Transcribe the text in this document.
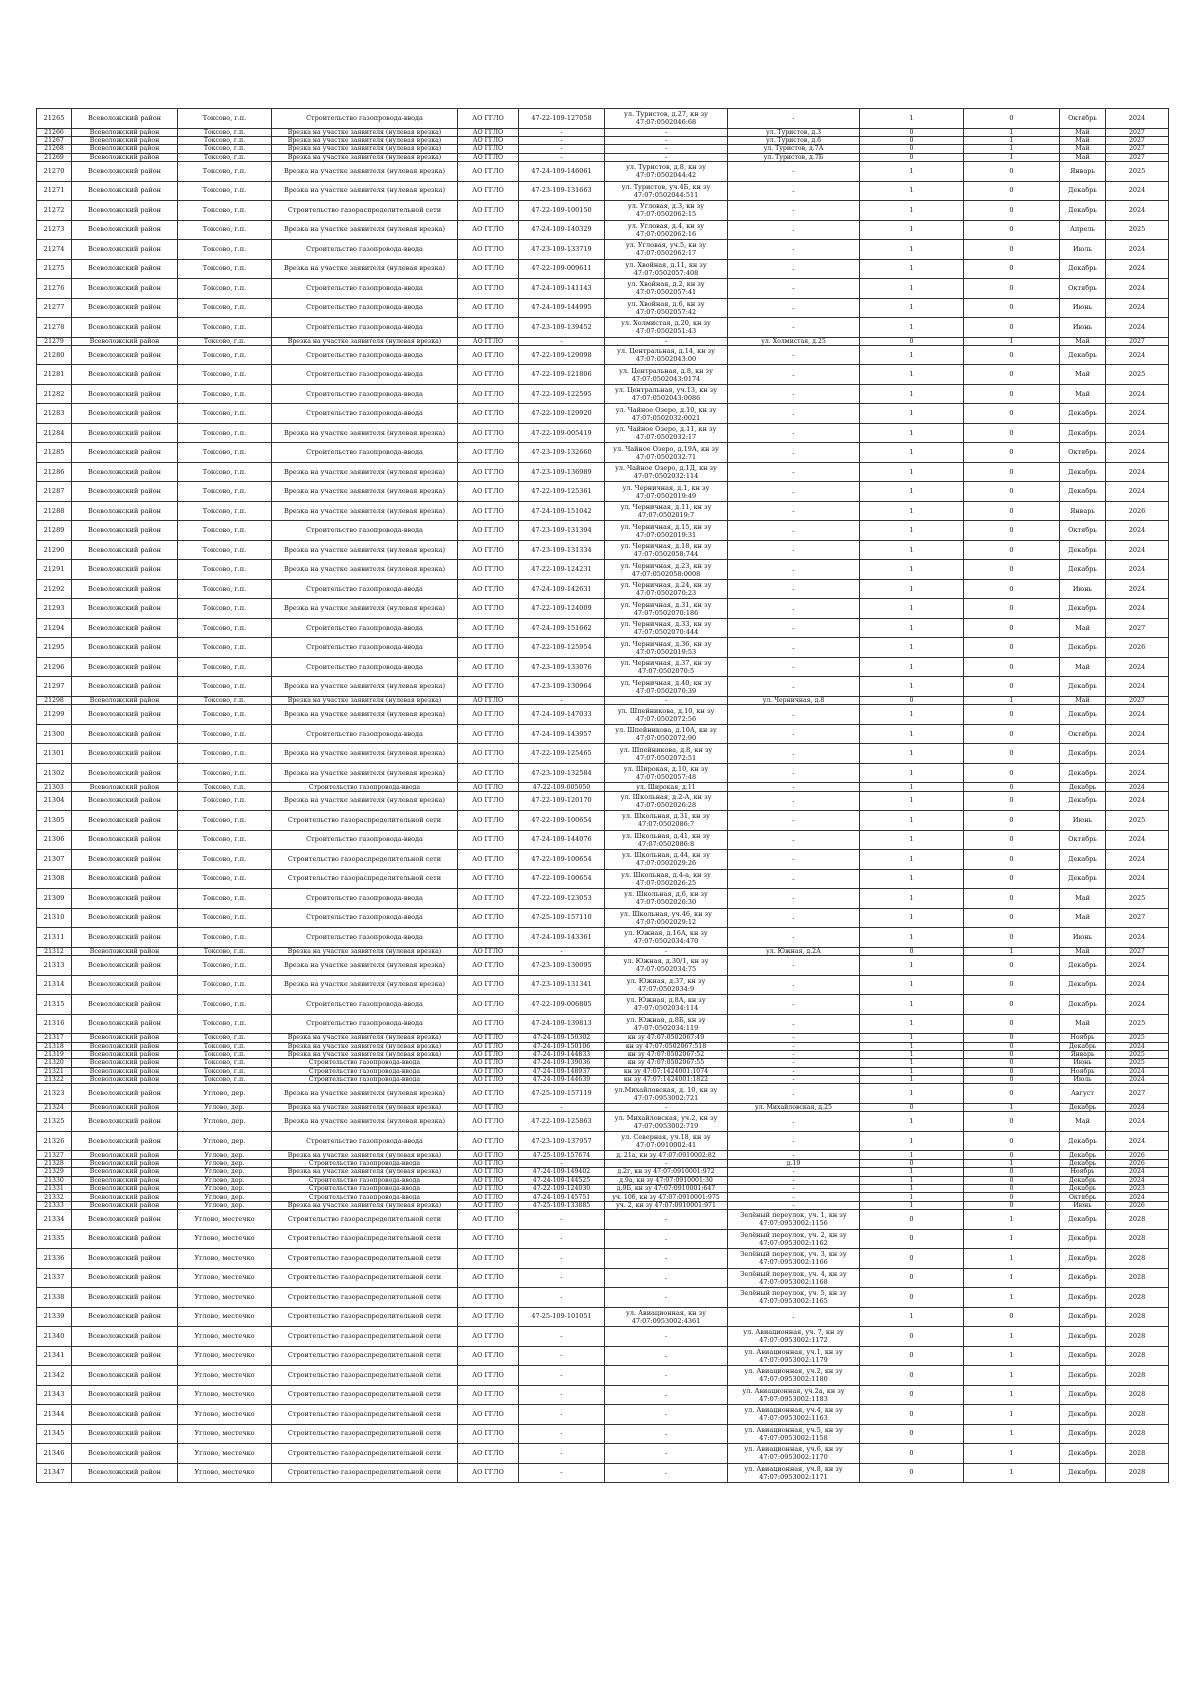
21265	Всеволожский район	Токсово, г.п.	Строительство газопровода-ввода	АО ГГЛО	47-22-109-127058	ул. Туристов, д.27, кн зу 47:07:0502046:68	-	1	0	Октябрь	2024
21266	Всеволожский район	Токсово, г.п.	Врезка на участке заявителя (нулевая врезка)	АО ГГЛО	-	-	ул. Туристов, д.3	0	1	Май	2027
21267	Всеволожский район	Токсово, г.п.	Врезка на участке заявителя (нулевая врезка)	АО ГГЛО	-	-	ул. Туристов, д.6	0	1	Май	2027
21268	Всеволожский район	Токсово, г.п.	Врезка на участке заявителя (нулевая врезка)	АО ГГЛО	-	-	ул. Туристов, д.7А	0	1	Май	2027
21269	Всеволожский район	Токсово, г.п.	Врезка на участке заявителя (нулевая врезка)	АО ГГЛО	-	-	ул. Туристов, д.7Б	0	1	Май	2027
21270	Всеволожский район	Токсово, г.п.	Врезка на участке заявителя (нулевая врезка)	АО ГГЛО	47-24-109-146061	ул. Туристов, д.8, кн зу 47:07:0502044:42	-	1	0	Январь	2025
21271	Всеволожский район	Токсово, г.п.	Врезка на участке заявителя (нулевая врезка)	АО ГГЛО	47-23-109-131663	ул. Туристов, уч.4Б, кн зу 47:07:0502044:511	-	1	0	Декабрь	2024
21272	Всеволожский район	Токсово, г.п.	Строительство газораспределительной сети	АО ГГЛО	47-22-109-100150	ул. Угловая, д.3, кн зу 47:07:0502062:15	-	1	0	Декабрь	2024
21273	Всеволожский район	Токсово, г.п.	Врезка на участке заявителя (нулевая врезка)	АО ГГЛО	47-24-109-140329	ул. Угловая, д.4, кн зу 47:07:0502062:16	-	1	0	Апрель	2025
21274	Всеволожский район	Токсово, г.п.	Строительство газопровода-ввода	АО ГГЛО	47-23-109-133719	ул. Угловая, уч.5, кн зу 47:07:0502062:17	-	1	0	Июль	2024
21275	Всеволожский район	Токсово, г.п.	Врезка на участке заявителя (нулевая врезка)	АО ГГЛО	47-22-109-009611	ул. Хвойная, д.11, кн зу 47:07:0502057:408	-	1	0	Декабрь	2024
21276	Всеволожский район	Токсово, г.п.	Строительство газопровода-ввода	АО ГГЛО	47-24-109-141143	ул. Хвойная, д.2, кн зу 47:07:0502057:41	-	1	0	Октябрь	2024
21277	Всеволожский район	Токсово, г.п.	Строительство газопровода-ввода	АО ГГЛО	47-24-109-144995	ул. Хвойная, д.6, кн зу 47:07:0502057:42	-	1	0	Июнь	2024
21278	Всеволожский район	Токсово, г.п.	Строительство газопровода-ввода	АО ГГЛО	47-23-109-139452	ул. Холмистая, д.20, кн зу 47:07:0502051:43	-	1	0	Июнь	2024
21279	Всеволожский район	Токсово, г.п.	Врезка на участке заявителя (нулевая врезка)	АО ГГЛО	-	-	ул. Холмистая, д.25	0	1	Май	2027
21280	Всеволожский район	Токсово, г.п.	Строительство газопровода-ввода	АО ГГЛО	47-22-109-129098	ул. Центральная, д.14, кн зу 47:07:0502043:00	-	1	0	Декабрь	2024
21281	Всеволожский район	Токсово, г.п.	Строительство газопровода-ввода	АО ГГЛО	47-22-109-121806	ул. Центральная, д.8, кн зу 47:07:0502043:0174	-	1	0	Май	2025
21282	Всеволожский район	Токсово, г.п.	Строительство газопровода-ввода	АО ГГЛО	47-22-109-122595	ул. Центральная, уч.13, кн зу 47:07:0502043:0086	-	1	0	Май	2024
21283	Всеволожский район	Токсово, г.п.	Строительство газопровода-ввода	АО ГГЛО	47-22-109-129920	ул. Чайное Озеро, д.10, кн зу 47:07:0502032:0021	-	1	0	Декабрь	2024
21284	Всеволожский район	Токсово, г.п.	Врезка на участке заявителя (нулевая врезка)	АО ГГЛО	47-22-109-005419	ул. Чайное Озеро, д.11, кн зу 47:07:0502032:17	-	1	0	Декабрь	2024
21285	Всеволожский район	Токсово, г.п.	Строительство газопровода-ввода	АО ГГЛО	47-23-109-132660	ул. Чайное Озеро, д.19А, кн зу 47:07:0502032:71	-	1	0	Октябрь	2024
21286	Всеволожский район	Токсово, г.п.	Врезка на участке заявителя (нулевая врезка)	АО ГГЛО	47-23-109-136989	ул. Чайное Озеро, д.1Д, кн зу 47:07:0502032:114	-	1	0	Декабрь	2024
21287	Всеволожский район	Токсово, г.п.	Врезка на участке заявителя (нулевая врезка)	АО ГГЛО	47-22-109-125361	ул. Черничная, д.1, кн зу 47:07:0502019:49	-	1	0	Декабрь	2024
21288	Всеволожский район	Токсово, г.п.	Врезка на участке заявителя (нулевая врезка)	АО ГГЛО	47-24-109-151042	ул. Черничная, д.11, кн зу 47:07:0502019:7	-	1	0	Январь	2026
21289	Всеволожский район	Токсово, г.п.	Строительство газопровода-ввода	АО ГГЛО	47-23-109-131394	ул. Черничная, д.15, кн зу 47:07:0502019:31	-	1	0	Октябрь	2024
21290	Всеволожский район	Токсово, г.п.	Врезка на участке заявителя (нулевая врезка)	АО ГГЛО	47-23-109-131334	ул. Черничная, д.18, кн зу 47:07:0502058:744	-	1	0	Декабрь	2024
21291	Всеволожский район	Токсово, г.п.	Врезка на участке заявителя (нулевая врезка)	АО ГГЛО	47-22-109-124231	ул. Черничная, д.23, кн зу 47:07:0502058:0008	-	1	0	Декабрь	2024
21292	Всеволожский район	Токсово, г.п.	Строительство газопровода-ввода	АО ГГЛО	47-24-109-142631	ул. Черничная, д.24, кн зу 47:07:0502070:23	-	1	0	Июнь	2024
21293	Всеволожский район	Токсово, г.п.	Врезка на участке заявителя (нулевая врезка)	АО ГГЛО	47-22-109-124009	ул. Черничная, д.31, кн зу 47:07:0502070:186	-	1	0	Декабрь	2024
21294	Всеволожский район	Токсово, г.п.	Строительство газопровода-ввода	АО ГГЛО	47-24-109-151662	ул. Черничная, д.33, кн зу 47:07:0502070:444	-	1	0	Май	2027
21295	Всеволожский район	Токсово, г.п.	Строительство газопровода-ввода	АО ГГЛО	47-22-109-125954	ул. Черничная, д.36, кн зу 47:07:0502019:53	-	1	0	Декабрь	2026
21296	Всеволожский район	Токсово, г.п.	Строительство газопровода-ввода	АО ГГЛО	47-23-109-133076	ул. Черничная, д.37, кн зу 47:07:0502070:5	-	1	0	Май	2024
21297	Всеволожский район	Токсово, г.п.	Врезка на участке заявителя (нулевая врезка)	АО ГГЛО	47-23-109-130964	ул. Черничная, д.40, кн зу 47:07:0502070:39	-	1	0	Декабрь	2024
21298	Всеволожский район	Токсово, г.п.	Врезка на участке заявителя (нулевая врезка)	АО ГГЛО	-	-	ул. Черничная, д.8	0	1	Май	2027
21299	Всеволожский район	Токсово, г.п.	Врезка на участке заявителя (нулевая врезка)	АО ГГЛО	47-24-109-147033	ул. Шпейникова, д.10, кн зу 47:07:0502072:56	-	1	0	Декабрь	2024
21300	Всеволожский район	Токсово, г.п.	Строительство газопровода-ввода	АО ГГЛО	47-24-109-143957	ул. Шпейникова, д.10А, кн зу 47:07:0502072:90	-	1	0	Октябрь	2024
21301	Всеволожский район	Токсово, г.п.	Врезка на участке заявителя (нулевая врезка)	АО ГГЛО	47-22-109-125465	ул. Шпейникова, д.8, кн зу 47:07:0502072:51	-	1	0	Декабрь	2024
21302	Всеволожский район	Токсово, г.п.	Врезка на участке заявителя (нулевая врезка)	АО ГГЛО	47-23-109-132584	ул. Широкая, д.10, кн зу 47:07:0502057:48	-	1	0	Декабрь	2024
21303	Всеволожский район	Токсово, г.п.	Строительство газопровода-ввода	АО ГГЛО	47-22-109-005050	ул. Широкая, д.11	-	1	0	Декабрь	2024
21304	Всеволожский район	Токсово, г.п.	Врезка на участке заявителя (нулевая врезка)	АО ГГЛО	47-22-109-120170	ул. Школьная, д.2-А, кн зу 47:07:0502026:28	-	1	0	Декабрь	2024
21305	Всеволожский район	Токсово, г.п.	Строительство газораспределительной сети	АО ГГЛО	47-22-109-100654	ул. Школьная, д.31, кн зу 47:07:0502086:7	-	1	0	Июнь	2025
21306	Всеволожский район	Токсово, г.п.	Строительство газопровода-ввода	АО ГГЛО	47-24-109-144076	ул. Школьная, д.41, кн зу 47:07:0502086:8	-	1	0	Октябрь	2024
21307	Всеволожский район	Токсово, г.п.	Строительство газораспределительной сети	АО ГГЛО	47-22-109-100654	ул. Школьная, д.44, кн зу 47:07:0502029:26	-	1	0	Декабрь	2024
21308	Всеволожский район	Токсово, г.п.	Строительство газораспределительной сети	АО ГГЛО	47-22-109-100654	ул. Школьная, д.4-а, кн зу 47:07:0502026:25	-	1	0	Декабрь	2024
21309	Всеволожский район	Токсово, г.п.	Строительство газопровода-ввода	АО ГГЛО	47-22-109-123053	ул. Школьная, д.6, кн зу 47:07:0502026:30	-	1	0	Май	2025
21310	Всеволожский район	Токсово, г.п.	Строительство газопровода-ввода	АО ГГЛО	47-25-109-157110	ул. Школьная, уч.46, кн зу 47:07:0502029:12	-	1	0	Май	2027
21311	Всеволожский район	Токсово, г.п.	Строительство газопровода-ввода	АО ГГЛО	47-24-109-143361	ул. Южная, д.16А, кн зу 47:07:0502034:470	-	1	0	Июнь	2024
21312	Всеволожский район	Токсово, г.п.	Врезка на участке заявителя (нулевая врезка)	АО ГГЛО	-	-	ул. Южная, д.2А	0	1	Май	2027
21313	Всеволожский район	Токсово, г.п.	Врезка на участке заявителя (нулевая врезка)	АО ГГЛО	47-23-109-130095	ул. Южная, д.30/1, кн зу 47:07:0502034:75	-	1	0	Декабрь	2024
21314	Всеволожский район	Токсово, г.п.	Врезка на участке заявителя (нулевая врезка)	АО ГГЛО	47-23-109-131341	ул. Южная, д.37, кн зу 47:07:0502034:9	-	1	0	Декабрь	2024
21315	Всеволожский район	Токсово, г.п.	Строительство газопровода-ввода	АО ГГЛО	47-22-109-006805	ул. Южная, д.8А, кн зу 47:07:0502034:114	-	1	0	Декабрь	2024
21316	Всеволожский район	Токсово, г.п.	Строительство газопровода-ввода	АО ГГЛО	47-24-109-139813	ул. Южная, д.8Б, кн зу 47:07:0502034:119	-	1	0	Май	2025
21317	Всеволожский район	Токсово, г.п.	Врезка на участке заявителя (нулевая врезка)	АО ГГЛО	47-24-109-150302	кн зу 47:07:0502067:49	-	1	0	Ноябрь	2025
21318	Всеволожский район	Токсово, г.п.	Врезка на участке заявителя (нулевая врезка)	АО ГГЛО	47-24-109-150106	кн зу 47:07:0502067:518	-	1	0	Декабрь	2024
21319	Всеволожский район	Токсово, г.п.	Врезка на участке заявителя (нулевая врезка)	АО ГГЛО	47-24-109-144833	кн зу 47:07:0502067:52	-	1	0	Январь	2025
21320	Всеволожский район	Токсово, г.п.	Строительство газопровода-ввода	АО ГГЛО	47-24-109-139036	кн зу 47:07:0502067:55	-	1	0	Июнь	2025
21321	Всеволожский район	Токсово, г.п.	Строительство газопровода-ввода	АО ГГЛО	47-24-109-148937	кн зу 47:07:1424001:1074	-	1	0	Ноябрь	2024
21322	Всеволожский район	Токсово, г.п.	Строительство газопровода-ввода	АО ГГЛО	47-24-109-144639	кн зу 47:07:1424001:1822	-	1	0	Июль	2024
21323	Всеволожский район	Углово, дер.	Врезка на участке заявителя (нулевая врезка)	АО ГГЛО	47-25-109-157119	ул.Михайловская, д. 10, кн зу 47:07:0953002:721	-	1	0	Август	2027
21324	Всеволожский район	Углово, дер.	Врезка на участке заявителя (нулевая врезка)	АО ГГЛО	-	-	ул. Михайловская, д.25	0	1	Декабрь	2024
21325	Всеволожский район	Углово, дер.	Врезка на участке заявителя (нулевая врезка)	АО ГГЛО	47-22-109-125863	ул. Михайловская, уч.2, кн зу 47:07:0953002:719	-	1	0	Май	2024
21326	Всеволожский район	Углово, дер.	Строительство газопровода-ввода	АО ГГЛО	47-23-109-137957	ул. Северная, уч.18, кн зу 47:07:0910002:41	-	1	0	Декабрь	2024
21327	Всеволожский район	Углово, дер.	Врезка на участке заявителя (нулевая врезка)	АО ГГЛО	47-25-109-157674	д. 21а, кн зу 47:07:0910002:82	-	1	0	Декабрь	2026
21328	Всеволожский район	Углово, дер.	Строительство газопровода-ввода	АО ГГЛО	-	-	д.19	0	1	Декабрь	2026
21329	Всеволожский район	Углово, дер.	Врезка на участке заявителя (нулевая врезка)	АО ГГЛО	47-24-109-149402	д.2г, кн зу 47:07:0910001:972	-	1	0	Ноябрь	2024
21330	Всеволожский район	Углово, дер.	Строительство газопровода-ввода	АО ГГЛО	47-24-109-144525	д.9а, кн зу 47:07:0910001:30	-	1	0	Декабрь	2024
21331	Всеволожский район	Углово, дер.	Строительство газопровода-ввода	АО ГГЛО	47-22-109-124030	д.9Б, кн зу 47:07:0910001:647	-	1	0	Декабрь	2023
21332	Всеволожский район	Углово, дер.	Строительство газопровода-ввода	АО ГГЛО	47-24-109-145751	уч. 10б, кн зу 47:07:0910001:975	-	1	0	Октябрь	2024
21333	Всеволожский район	Углово, дер.	Врезка на участке заявителя (нулевая врезка)	АО ГГЛО	47-25-109-133885	уч. 2, кн зу 47:07:0910001:971	-	1	0	Июнь	2026
21334	Всеволожский район	Углово, местечко	Строительство газораспределительной сети	АО ГГЛО	-	-	Зелёный переулок, уч. 1, кн зу 47:07:0953002:1156	0	1	Декабрь	2028
21335	Всеволожский район	Углово, местечко	Строительство газораспределительной сети	АО ГГЛО	-	-	Зелёный переулок, уч. 2, кн зу 47:07:0953002:1162	0	1	Декабрь	2028
21336	Всеволожский район	Углово, местечко	Строительство газораспределительной сети	АО ГГЛО	-	-	Зелёный переулок, уч. 3, кн зу 47:07:0953002:1166	0	1	Декабрь	2028
21337	Всеволожский район	Углово, местечко	Строительство газораспределительной сети	АО ГГЛО	-	-	Зелёный переулок, уч. 4, кн зу 47:07:0953002:1168	0	1	Декабрь	2028
21338	Всеволожский район	Углово, местечко	Строительство газораспределительной сети	АО ГГЛО	-	-	Зелёный переулок, уч. 5, кн зу 47:07:0953002:1165	0	1	Декабрь	2028
21339	Всеволожский район	Углово, местечко	Строительство газораспределительной сети	АО ГГЛО	47-25-109-101051	ул. Авиационная, кн зу 47:07:0953002:4361	-	1	0	Декабрь	2028
21340	Всеволожский район	Углово, местечко	Строительство газораспределительной сети	АО ГГЛО	-	-	ул. Авиационная, уч. 7, кн зу 47:07:0953002:1172	0	1	Декабрь	2028
21341	Всеволожский район	Углово, местечко	Строительство газораспределительной сети	АО ГГЛО	-	-	ул. Авиационная, уч.1, кн зу 47:07:0953002:1179	0	1	Декабрь	2028
21342	Всеволожский район	Углово, местечко	Строительство газораспределительной сети	АО ГГЛО	-	-	ул. Авиационная, уч.2, кн зу 47:07:0953002:1180	0	1	Декабрь	2028
21343	Всеволожский район	Углово, местечко	Строительство газораспределительной сети	АО ГГЛО	-	-	ул. Авиационная, уч.2а, кн зу 47:07:0953002:1183	0	1	Декабрь	2028
21344	Всеволожский район	Углово, местечко	Строительство газораспределительной сети	АО ГГЛО	-	-	ул. Авиационная, уч.4, кн зу 47:07:0953002:1163	0	1	Декабрь	2028
21345	Всеволожский район	Углово, местечко	Строительство газораспределительной сети	АО ГГЛО	-	-	ул. Авиационная, уч.5, кн зу 47:07:0953002:1158	0	1	Декабрь	2028
21346	Всеволожский район	Углово, местечко	Строительство газораспределительной сети	АО ГГЛО	-	-	ул. Авиационная, уч.6, кн зу 47:07:0953002:1170	0	1	Декабрь	2028
21347	Всеволожский район	Углово, местечко	Строительство газораспределительной сети	АО ГГЛО	-	-	ул. Авиационная, уч.8, кн зу 47:07:0953002:1171	0	1	Декабрь	2028
